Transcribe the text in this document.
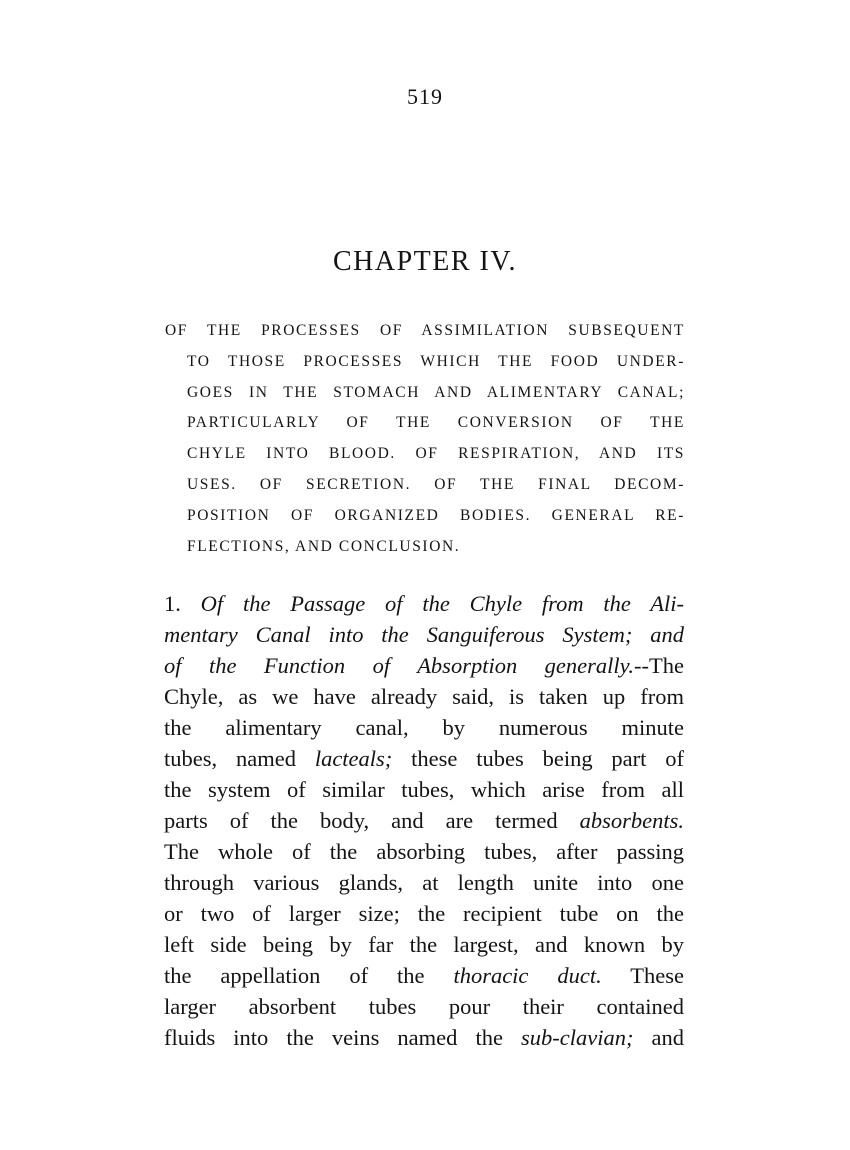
519
CHAPTER IV.
OF THE PROCESSES OF ASSIMILATION SUBSEQUENT
TO THOSE PROCESSES WHICH THE FOOD UNDER-
GOES IN THE STOMACH AND ALIMENTARY CANAL;
PARTICULARLY OF THE CONVERSION OF THE
CHYLE INTO BLOOD. OF RESPIRATION, AND ITS
USES. OF SECRETION. OF THE FINAL DECOM-
POSITION OF ORGANIZED BODIES. GENERAL RE-
FLECTIONS, AND CONCLUSION.
1. Of the Passage of the Chyle from the Ali-
mentary Canal into the Sanguiferous System; and
of the Function of Absorption generally.--The
Chyle, as we have already said, is taken up from
the alimentary canal, by numerous minute
tubes, named lacteals; these tubes being part of
the system of similar tubes, which arise from all
parts of the body, and are termed absorbents.
The whole of the absorbing tubes, after passing
through various glands, at length unite into one
or two of larger size; the recipient tube on the
left side being by far the largest, and known by
the appellation of the thoracic duct. These
larger absorbent tubes pour their contained
fluids into the veins named the sub-clavian; and
